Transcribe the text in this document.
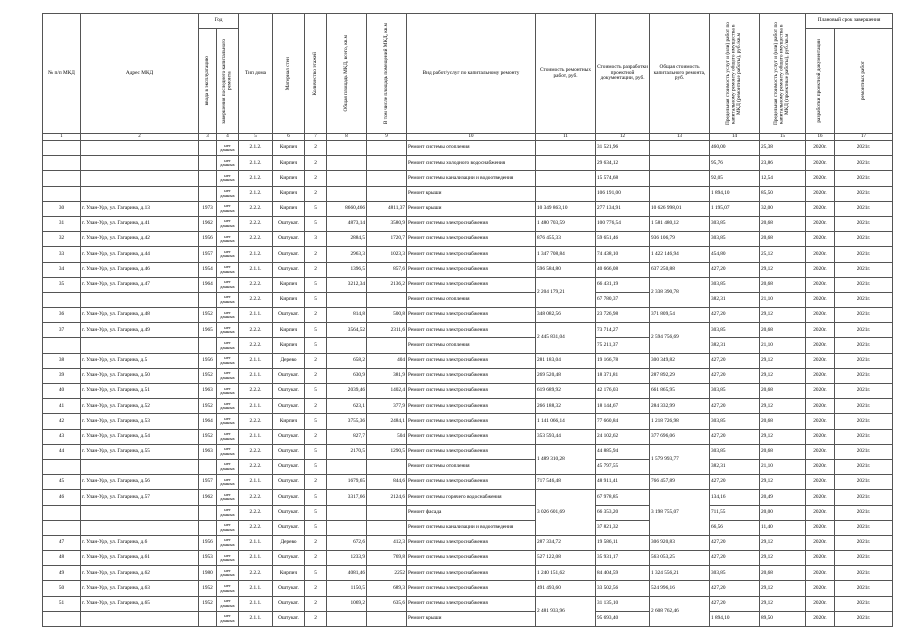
№ п/п МКД	Адрес МКД	Год		Тип дома	Материал стен	Количество этажей	Общая площадь МКД, всего, кв.м	В том числе площадь помещений МКД, кв.м	Вид работ/услуг по капитальному ремонту	Стоимость ремонтных работ, руб.	Стоимость разработки проектной документации, руб.	Общая стоимость капитального ремонта, руб.	Предельная стоимость услуг и (или) работ по капитальному ремонту общего имущества в МКД (ремонтные работы), руб./кв.м	Предельная стоимость услуг и (или) работ по капитальному ремонту общего имущества в МКД (проектные работы), руб./кв.м	Плановый срок завершения	

		ввода в эксплуатацию	завершения последнего капитального ремонта												разработки проектной документации	ремонтных работ

1	2	3	4	5	6	7	8	9	10	11	12	13	14	15	16	17
			нет данных	2.1.2.	Кирпич	2			Ремонт системы отопления		31 521,96		460,00	25,38	2020г.	2021г.
			нет данных	2.1.2.	Кирпич	2			Ремонт системы холодного водоснабжения		29 634,12		95,76	23,86	2020г.	2021г.
			нет данных	2.1.2.	Кирпич	2			Ремонт системы канализации и водоотведения		15 574,68		92,05	12,54	2020г.	2021г.
			нет данных	2.1.2.	Кирпич	2			Ремонт крыши		106 191,00		1 894,10	85,50	2020г.	2021г.
30	г. Улан-Удэ, ул. Гагарина, д.13	1973	нет данных	2.2.2.	Кирпич	5	8660,466	4811,37	Ремонт крыши	10 349 863,10	277 134,91	10 626 998,01	1 195,07	32,00	2020г.	2021г.
31	г. Улан-Удэ, ул. Гагарина, д.41	1962	нет данных	2.2.2.	Оштукат.	5	4873,14	3580,9	Ремонт системы электроснабжения	1 480 703,59	100 776,54	1 581 480,12	303,85	20,68	2020г.	2021г.
32	г. Улан-Удэ, ул. Гагарина, д.42	1956	нет данных	2.2.2.	Оштукат.	3	2884,5	1720,7	Ремонт системы электроснабжения	876 455,33	59 651,46	936 106,79	303,85	20,68	2020г.	2021г.
33	г. Улан-Удэ, ул. Гагарина, д.44	1957	нет данных	2.1.2.	Оштукат.	2	2963,3	1023,3	Ремонт системы электроснабжения	1 347 708,84	74 438,10	1 422 146,94	454,80	25,12	2020г.	2021г.
34	г. Улан-Удэ, ул. Гагарина, д.46	1954	нет данных	2.1.1.	Оштукат.	2	1396,5	857,6	Ремонт системы электроснабжения	596 584,80	40 666,08	637 250,88	427,20	29,12	2020г.	2021г.
35	г. Улан-Удэ, ул. Гагарина, д.47	1964	нет данных	2.2.2.	Кирпич	5	3212,34	2136,2	Ремонт системы электроснабжения	2 204 179,21	66 431,19	2 338 390,78	303,85	20,68	2020г.	2021г.
			нет данных	2.2.2.	Кирпич	5			Ремонт системы отопления		67 780,37		382,31	21,10	2020г.	2021г.
36	г. Улан-Удэ, ул. Гагарина, д.48	1952	нет данных	2.1.1.	Оштукат.	2	814,8	500,8	Ремонт системы электроснабжения	348 082,56	23 726,98	371 809,54	427,20	29,12	2020г.	2021г.
37	г. Улан-Удэ, ул. Гагарина, д.49	1965	нет данных	2.2.2.	Кирпич	5	3564,52	2311,6	Ремонт системы электроснабжения	2 445 831,04	73 714,27	2 594 756,69	303,85	20,68	2020г.	2021г.
			нет данных	2.2.2.	Кирпич	5			Ремонт системы отопления		75 211,37		382,31	21,10	2020г.	2021г.
38	г. Улан-Удэ, ул. Гагарина, д.5	1956	нет данных	2.1.1.	Дерево	2	658,2	404	Ремонт системы электроснабжения	281 183,04	19 166,78	300 349,82	427,20	29,12	2020г.	2021г.
39	г. Улан-Удэ, ул. Гагарина, д.50	1952	нет данных	2.1.1.	Оштукат.	2	630,9	381,9	Ремонт системы электроснабжения	269 520,48	18 371,81	287 892,29	427,20	29,12	2020г.	2021г.
40	г. Улан-Удэ, ул. Гагарина, д.51	1963	нет данных	2.2.2.	Оштукат.	5	2039,46	1402,4	Ремонт системы электроснабжения	619 689,92	42 176,03	661 865,95	303,85	20,68	2020г.	2021г.
41	г. Улан-Удэ, ул. Гагарина, д.52	1952	нет данных	2.1.1.	Оштукат.	2	623,1	377,9	Ремонт системы электроснабжения	266 188,32	18 144,67	284 332,99	427,20	29,12	2020г.	2021г.
42	г. Улан-Удэ, ул. Гагарина, д.53	1964	нет данных	2.2.2.	Кирпич	5	3755,36	2484,1	Ремонт системы электроснабжения	1 141 066,14	77 660,84	1 218 726,98	303,85	20,68	2020г.	2021г.
43	г. Улан-Удэ, ул. Гагарина, д.54	1952	нет данных	2.1.1.	Оштукат.	2	827,7	504	Ремонт системы электроснабжения	353 593,44	24 102,62	377 696,06	427,20	29,12	2020г.	2021г.
44	г. Улан-Удэ, ул. Гагарина, д.55	1963	нет данных	2.2.2.	Оштукат.	5	2170,5	1290,5	Ремонт системы электроснабжения	1 489 310,28	44 885,94	1 579 993,77	303,85	20,68	2020г.	2021г.
			нет данных	2.2.2.	Оштукат.	5			Ремонт системы отопления		45 797,55		382,31	21,10	2020г.	2021г.
45	г. Улан-Удэ, ул. Гагарина, д.56	1957	нет данных	2.1.1.	Оштукат.	2	1679,65	844,6	Ремонт системы электроснабжения	717 546,48	48 911,41	766 457,89	427,20	29,12	2020г.	2021г.
46	г. Улан-Удэ, ул. Гагарина, д.57	1962	нет данных	2.2.2.	Оштукат.	5	3317,66	2124,6	Ремонт системы горячего водоснабжения	3 026 601,69	67 978,85	3 198 755,07	134,16	20,49	2020г.	2021г.
			нет данных	2.2.2.	Оштукат.	5			Ремонт фасада		66 353,20		711,55	20,00	2020г.	2021г.
			нет данных	2.2.2.	Оштукат.	5			Ремонт системы канализации и водоотведения		37 821,32		66,56	11,40	2020г.	2021г.
47	г. Улан-Удэ, ул. Гагарина, д.6	1956	нет данных	2.1.1.	Дерево	2	672,6	412,3	Ремонт системы электроснабжения	287 334,72	19 586,11	306 920,83	427,20	29,12	2020г.	2021г.
48	г. Улан-Удэ, ул. Гагарина, д.61	1953	нет данных	2.1.1.	Оштукат.	2	1233,9	769,8	Ремонт системы электроснабжения	527 122,08	35 931,17	563 053,25	427,20	29,12	2020г.	2021г.
49	г. Улан-Удэ, ул. Гагарина, д.62	1980	нет данных	2.2.2.	Кирпич	5	4081,46	2252	Ремонт системы электроснабжения	1 240 151,62	84 404,59	1 324 556,21	303,85	20,68	2020г.	2021г.
50	г. Улан-Удэ, ул. Гагарина, д.63	1952	нет данных	2.1.1.	Оштукат.	2	1150,5	689,3	Ремонт системы электроснабжения	491 493,60	33 502,56	524 996,16	427,20	29,12	2020г.	2021г.
51	г. Улан-Удэ, ул. Гагарина, д.65	1952	нет данных	2.1.1.	Оштукат.	2	1069,2	635,6	Ремонт системы электроснабжения	2 481 933,96	31 135,10	2 608 762,46	427,20	29,12	2020г.	2021г.
			нет данных	2.1.1.	Оштукат.	2			Ремонт крыши		95 693,40		1 894,10	89,50	2020г.	2021г.
